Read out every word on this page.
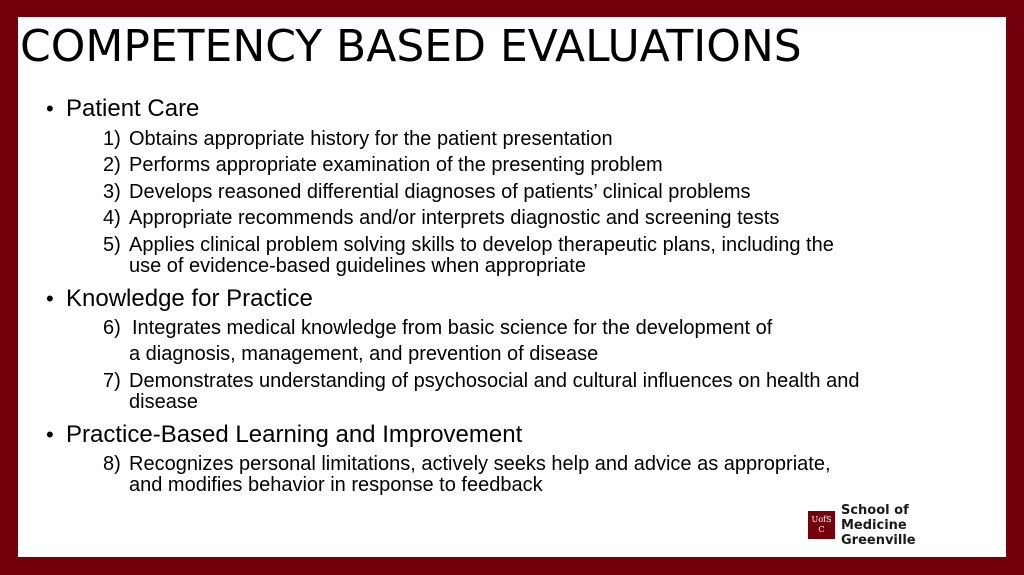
COMPETENCY BASED EVALUATIONS
• Patient Care
1) Obtains appropriate history for the patient presentation
2) Performs appropriate examination of the presenting problem
3) Develops reasoned differential diagnoses of patients’ clinical problems
4) Appropriate recommends and/or interprets diagnostic and screening tests
5) Applies clinical problem solving skills to develop therapeutic plans, including the
use of evidence-based guidelines when appropriate
• Knowledge for Practice
6) Integrates medical knowledge from basic science for the development of
a diagnosis, management, and prevention of disease
7) Demonstrates understanding of psychosocial and cultural influences on health and
disease
• Practice-Based Learning and Improvement
8) Recognizes personal limitations, actively seeks help and advice as appropriate,
and modifies behavior in response to feedback
UofSC
School of Medicine
Greenville
